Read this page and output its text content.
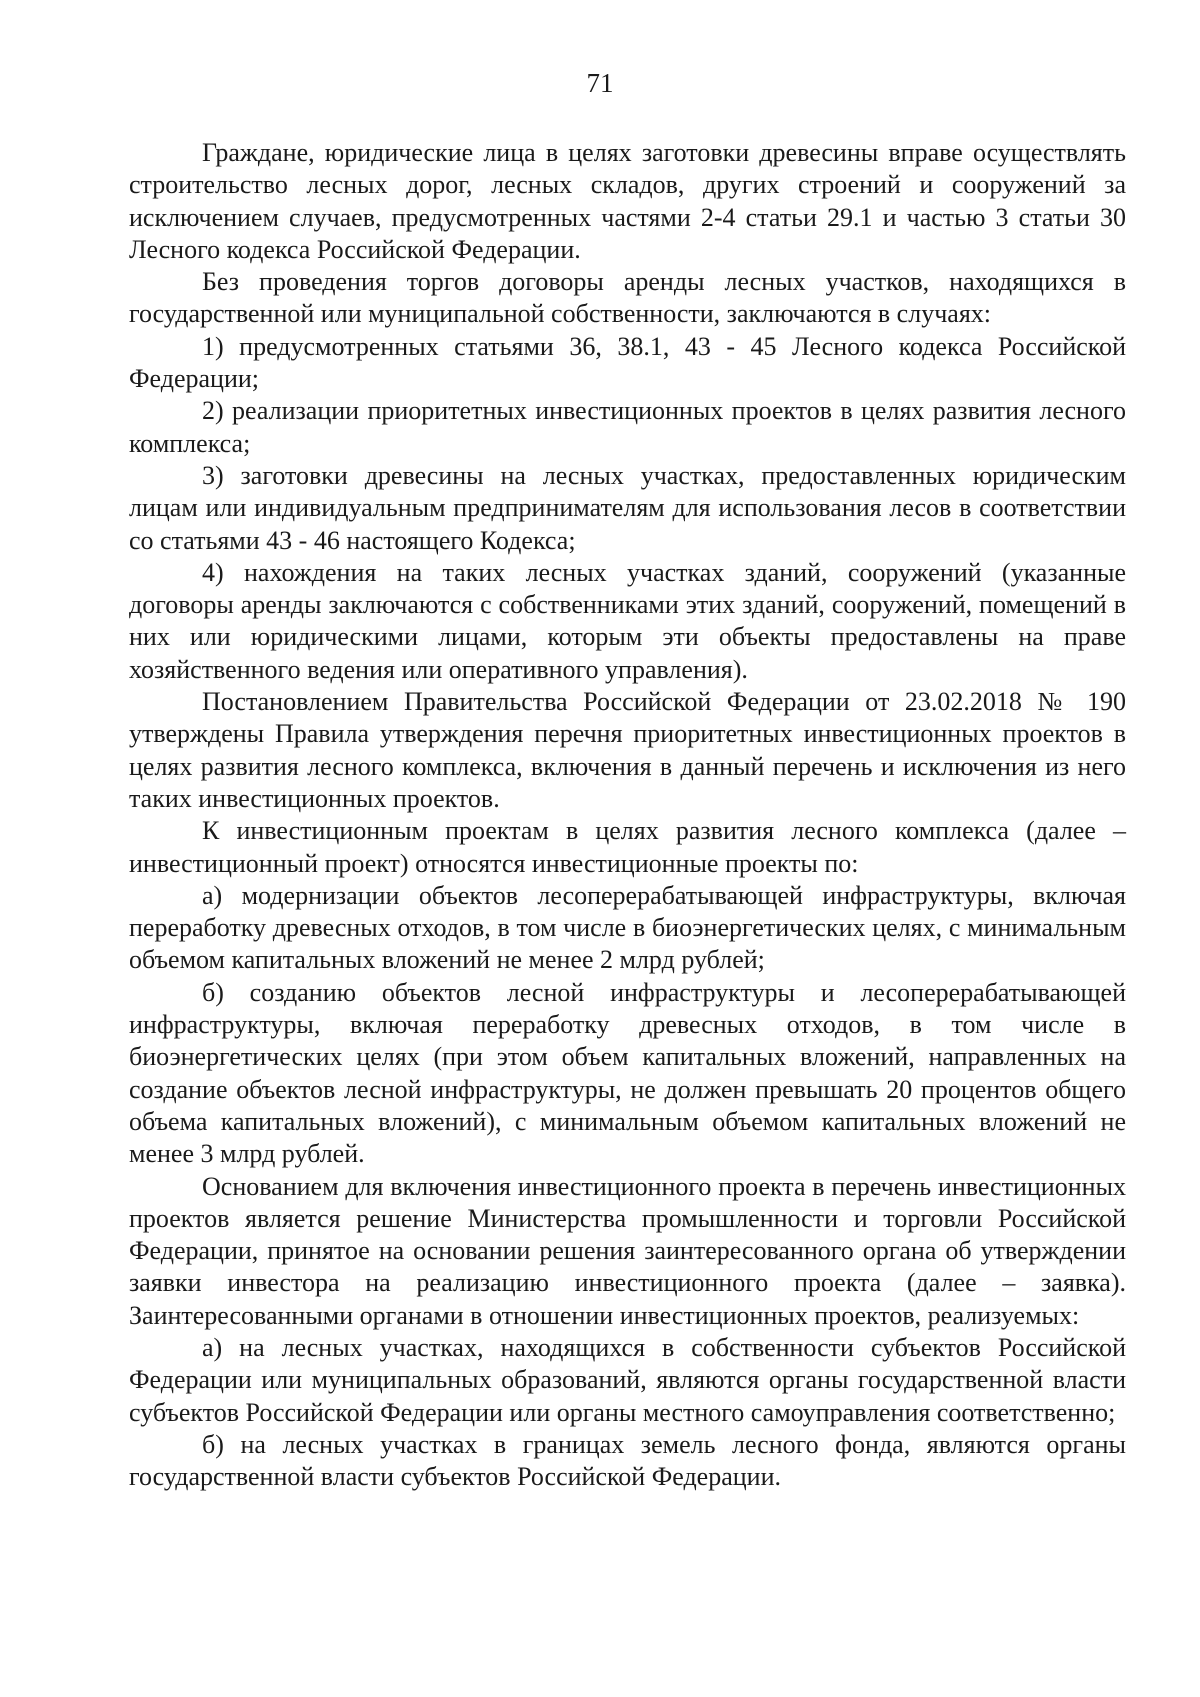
71

Граждане, юридические лица в целях заготовки древесины вправе осуществлять строительство лесных дорог, лесных складов, других строений и сооружений за исключением случаев, предусмотренных частями 2-4 статьи 29.1 и частью 3 статьи 30 Лесного кодекса Российской Федерации.

Без проведения торгов договоры аренды лесных участков, находящихся в государственной или муниципальной собственности, заключаются в случаях:

1) предусмотренных статьями 36, 38.1, 43 - 45 Лесного кодекса Российской Федерации;

2) реализации приоритетных инвестиционных проектов в целях развития лесного комплекса;

3) заготовки древесины на лесных участках, предоставленных юридическим лицам или индивидуальным предпринимателям для использования лесов в соответствии со статьями 43 - 46 настоящего Кодекса;

4) нахождения на таких лесных участках зданий, сооружений (указанные договоры аренды заключаются с собственниками этих зданий, сооружений, помещений в них или юридическими лицами, которым эти объекты предоставлены на праве хозяйственного ведения или оперативного управления).

Постановлением Правительства Российской Федерации от 23.02.2018 № 190 утверждены Правила утверждения перечня приоритетных инвестиционных проектов в целях развития лесного комплекса, включения в данный перечень и исключения из него таких инвестиционных проектов.

К инвестиционным проектам в целях развития лесного комплекса (далее – инвестиционный проект) относятся инвестиционные проекты по:

а) модернизации объектов лесоперерабатывающей инфраструктуры, включая переработку древесных отходов, в том числе в биоэнергетических целях, с минимальным объемом капитальных вложений не менее 2 млрд рублей;

б) созданию объектов лесной инфраструктуры и лесоперерабатывающей инфраструктуры, включая переработку древесных отходов, в том числе в биоэнергетических целях (при этом объем капитальных вложений, направленных на создание объектов лесной инфраструктуры, не должен превышать 20 процентов общего объема капитальных вложений), с минимальным объемом капитальных вложений не менее 3 млрд рублей.

Основанием для включения инвестиционного проекта в перечень инвестиционных проектов является решение Министерства промышленности и торговли Российской Федерации, принятое на основании решения заинтересованного органа об утверждении заявки инвестора на реализацию инвестиционного проекта (далее – заявка). Заинтересованными органами в отношении инвестиционных проектов, реализуемых:

а) на лесных участках, находящихся в собственности субъектов Российской Федерации или муниципальных образований, являются органы государственной власти субъектов Российской Федерации или органы местного самоуправления соответственно;

б) на лесных участках в границах земель лесного фонда, являются органы государственной власти субъектов Российской Федерации.
